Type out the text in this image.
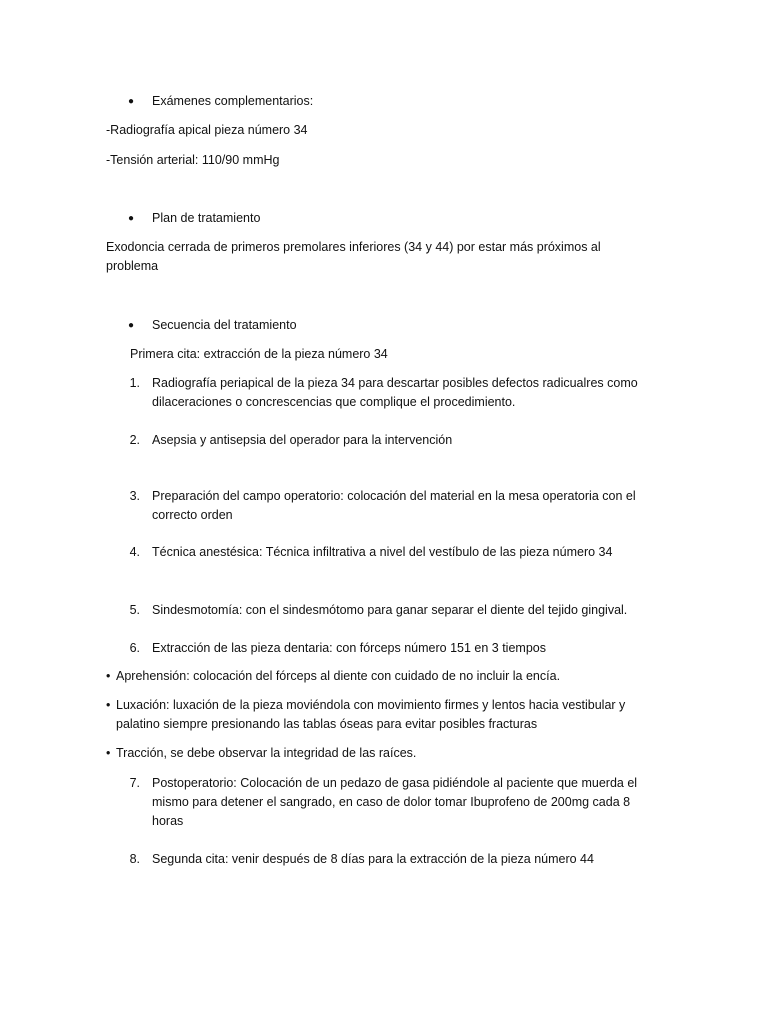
● Exámenes complementarios:
-Radiografía apical pieza número 34
-Tensión arterial: 110/90 mmHg
● Plan de tratamiento
Exodoncia cerrada de primeros premolares inferiores (34 y 44) por estar más próximos al problema
● Secuencia del tratamiento
Primera cita: extracción de la pieza número 34
1. Radiografía periapical de la pieza 34 para descartar posibles defectos radicualres como dilaceraciones o concrescencias que complique el procedimiento.
2. Asepsia y antisepsia del operador para la intervención
3. Preparación del campo operatorio: colocación del material en la mesa operatoria con el correcto orden
4. Técnica anestésica: Técnica infiltrativa a nivel del vestíbulo de las pieza número 34
5. Sindesmotomía: con el sindesmótomo para ganar separar el diente del tejido gingival.
6. Extracción de las pieza dentaria: con fórceps número 151 en 3 tiempos
• Aprehensión: colocación del fórceps al diente con cuidado de no incluir la encía.
• Luxación: luxación de la pieza moviéndola con movimiento firmes y lentos hacia vestibular y palatino siempre presionando las tablas óseas para evitar posibles fracturas
• Tracción, se debe observar la integridad de las raíces.
7. Postoperatorio: Colocación de un pedazo de gasa pidiéndole al paciente que muerda el mismo para detener el sangrado, en caso de dolor tomar Ibuprofeno de 200mg cada 8 horas
8. Segunda cita: venir después de 8 días para la extracción de la pieza número 44
